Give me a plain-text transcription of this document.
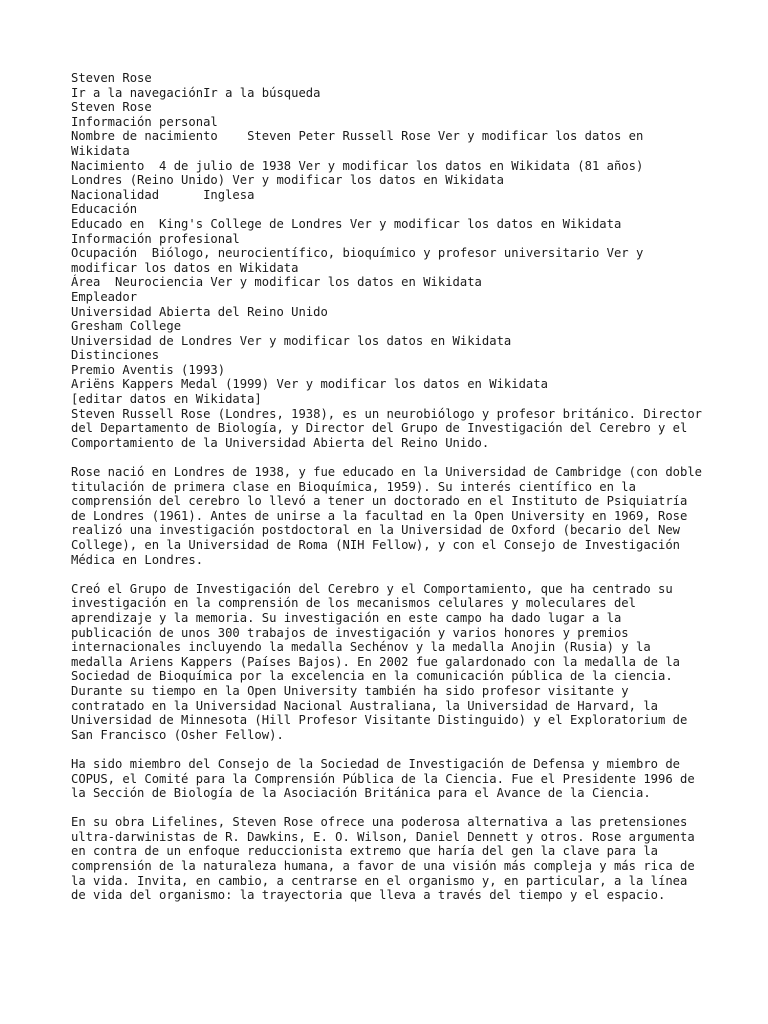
Steven Rose
Ir a la navegaciónIr a la búsqueda
Steven Rose
Información personal
Nombre de nacimiento    Steven Peter Russell Rose Ver y modificar los datos en Wikidata
Nacimiento  4 de julio de 1938 Ver y modificar los datos en Wikidata (81 años)
Londres (Reino Unido) Ver y modificar los datos en Wikidata
Nacionalidad      Inglesa
Educación
Educado en  King's College de Londres Ver y modificar los datos en Wikidata
Información profesional
Ocupación  Biólogo, neurocientífico, bioquímico y profesor universitario Ver y modificar los datos en Wikidata
Área  Neurociencia Ver y modificar los datos en Wikidata
Empleador
Universidad Abierta del Reino Unido
Gresham College
Universidad de Londres Ver y modificar los datos en Wikidata
Distinciones
Premio Aventis (1993)
Ariëns Kappers Medal (1999) Ver y modificar los datos en Wikidata
[editar datos en Wikidata]

Steven Russell Rose (Londres, 1938), es un neurobiólogo y profesor británico. Director del Departamento de Biología, y Director del Grupo de Investigación del Cerebro y el Comportamiento de la Universidad Abierta del Reino Unido.

Rose nació en Londres de 1938, y fue educado en la Universidad de Cambridge (con doble titulación de primera clase en Bioquímica, 1959). Su interés científico en la comprensión del cerebro lo llevó a tener un doctorado en el Instituto de Psiquiatría de Londres (1961). Antes de unirse a la facultad en la Open University en 1969, Rose realizó una investigación postdoctoral en la Universidad de Oxford (becario del New College), en la Universidad de Roma (NIH Fellow), y con el Consejo de Investigación Médica en Londres.

Creó el Grupo de Investigación del Cerebro y el Comportamiento, que ha centrado su investigación en la comprensión de los mecanismos celulares y moleculares del aprendizaje y la memoria. Su investigación en este campo ha dado lugar a la publicación de unos 300 trabajos de investigación y varios honores y premios internacionales incluyendo la medalla Sechénov y la medalla Anojin (Rusia) y la medalla Ariens Kappers (Países Bajos). En 2002 fue galardonado con la medalla de la Sociedad de Bioquímica por la excelencia en la comunicación pública de la ciencia. Durante su tiempo en la Open University también ha sido profesor visitante y contratado en la Universidad Nacional Australiana, la Universidad de Harvard, la Universidad de Minnesota (Hill Profesor Visitante Distinguido) y el Exploratorium de San Francisco (Osher Fellow).

Ha sido miembro del Consejo de la Sociedad de Investigación de Defensa y miembro de COPUS, el Comité para la Comprensión Pública de la Ciencia. Fue el Presidente 1996 de la Sección de Biología de la Asociación Británica para el Avance de la Ciencia.

En su obra Lifelines, Steven Rose ofrece una poderosa alternativa a las pretensiones ultra-darwinistas de R. Dawkins, E. O. Wilson, Daniel Dennett y otros. Rose argumenta en contra de un enfoque reduccionista extremo que haría del gen la clave para la comprensión de la naturaleza humana, a favor de una visión más compleja y más rica de la vida. Invita, en cambio, a centrarse en el organismo y, en particular, a la línea de vida del organismo: la trayectoria que lleva a través del tiempo y el espacio.
